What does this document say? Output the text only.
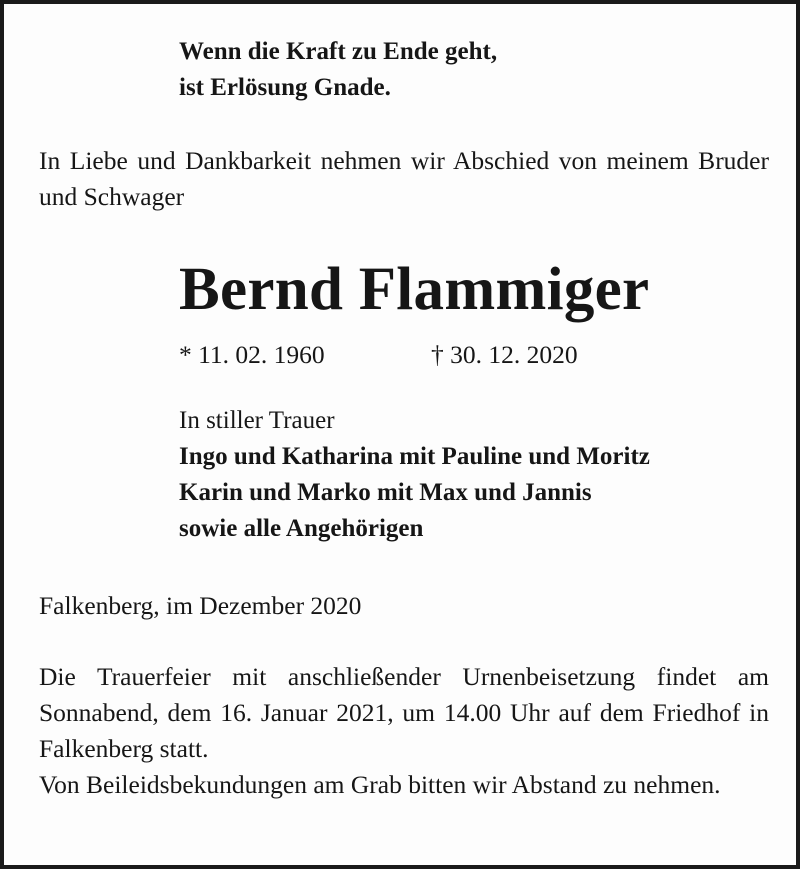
Wenn die Kraft zu Ende geht,
ist Erlösung Gnade.

In Liebe und Dankbarkeit nehmen wir Abschied von meinem Bruder und Schwager

Bernd Flammiger
* 11. 02. 1960	† 30. 12. 2020
In stiller Trauer
Ingo und Katharina mit Pauline und Moritz
Karin und Marko mit Max und Jannis
sowie alle Angehörigen
Falkenberg, im Dezember 2020
Die Trauerfeier mit anschließender Urnenbeisetzung findet am Sonnabend, dem 16. Januar 2021, um 14.00 Uhr auf dem Friedhof in Falkenberg statt.
Von Beileidsbekundungen am Grab bitten wir Abstand zu nehmen.
